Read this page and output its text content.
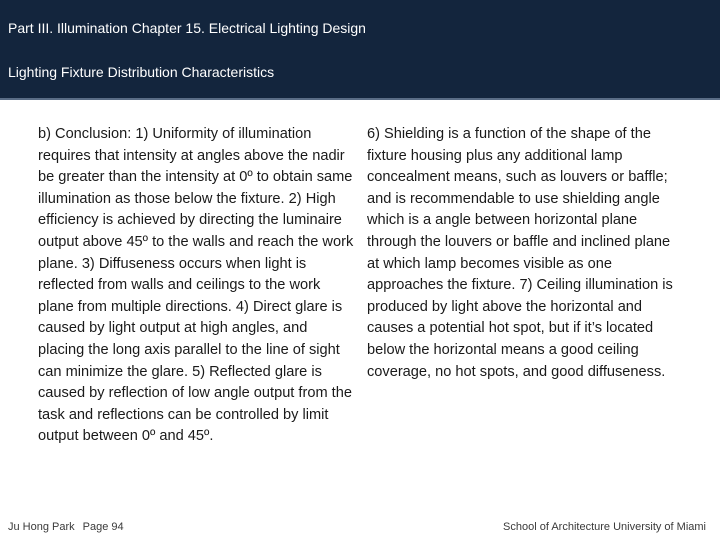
Part III. Illumination Chapter 15. Electrical Lighting Design
Lighting Fixture Distribution Characteristics
b) Conclusion: 1) Uniformity of illumination requires that intensity at angles above the nadir be greater than the intensity at 0º to obtain same illumination as those below the fixture. 2) High efficiency is achieved by directing the luminaire output above 45º to the walls and reach the work plane. 3) Diffuseness occurs when light is reflected from walls and ceilings to the work plane from multiple directions. 4) Direct glare is caused by light output at high angles, and placing the long axis parallel to the line of sight can minimize the glare. 5) Reflected glare is caused by reflection of low angle output from the task and reflections can be controlled by limit output between 0º and 45º.
6) Shielding is a function of the shape of the fixture housing plus any additional lamp concealment means, such as louvers or baffle; and is recommendable to use shielding angle which is a angle between horizontal plane through the louvers or baffle and inclined plane at which lamp becomes visible as one approaches the fixture. 7) Ceiling illumination is produced by light above the horizontal and causes a potential hot spot, but if it’s located below the horizontal means a good ceiling coverage, no hot spots, and good diffuseness.
Ju Hong Park Page 94	School of Architecture University of Miami
